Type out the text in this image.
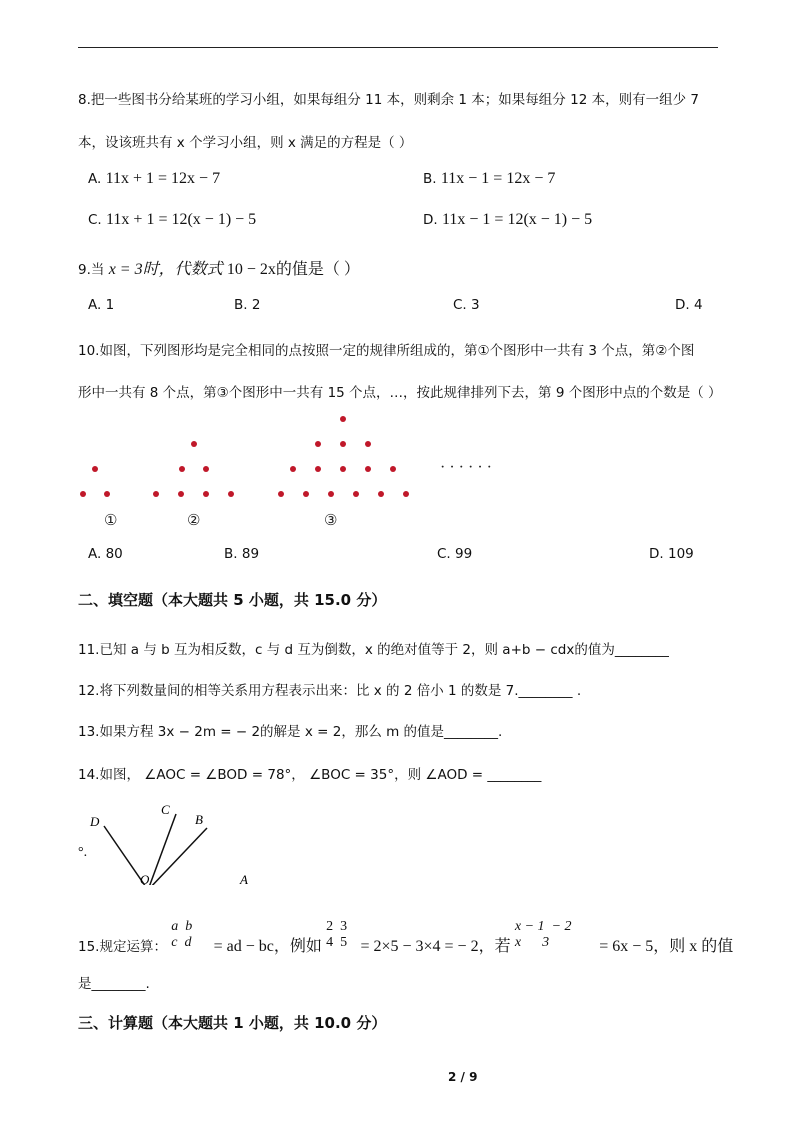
8.把一些图书分给某班的学习小组，如果每组分 11 本，则剩余 1 本；如果每组分 12 本，则有一组少 7
本，设该班共有 x 个学习小组，则 x 满足的方程是（ ）
A. 11x + 1 = 12x − 7	B. 11x − 1 = 12x − 7
C. 11x + 1 = 12(x − 1) − 5	D. 11x − 1 = 12(x − 1) − 5
9.当 x = 3时，代数式 10 − 2x的值是（ ）
A. 1	B. 2	C. 3	D. 4
10.如图，下列图形均是完全相同的点按照一定的规律所组成的，第①个图形中一共有 3 个点，第②个图
形中一共有 8 个点，第③个图形中一共有 15 个点，…，按此规律排列下去，第 9 个图形中点的个数是（ ）
· · · · · ·
①	②	③
A. 80	B. 89	C. 99	D. 109
二、填空题（本大题共 5 小题，共 15.0 分）
11.已知 a 与 b 互为相反数，c 与 d 互为倒数，x 的绝对值等于 2，则 a+b − cdx的值为________
12.将下列数量间的相等关系用方程表示出来：比 x 的 2 倍小 1 的数是 7.________ .
13.如果方程 3x − 2m = − 2的解是 x = 2，那么 m 的值是________.
14.如图， ∠AOC = ∠BOD = 78°， ∠BOC = 35°，则 ∠AOD = ________
D
C
B
O	A
°.
15.规定运算：
a b
c d	= ad − bc，例如
2 3
4 5 = 2×5 − 3×4 = − 2，若
x − 1 − 2
x 3	= 6x − 5，则 x 的值
是________.
三、计算题（本大题共 1 小题，共 10.0 分）
2 / 9
